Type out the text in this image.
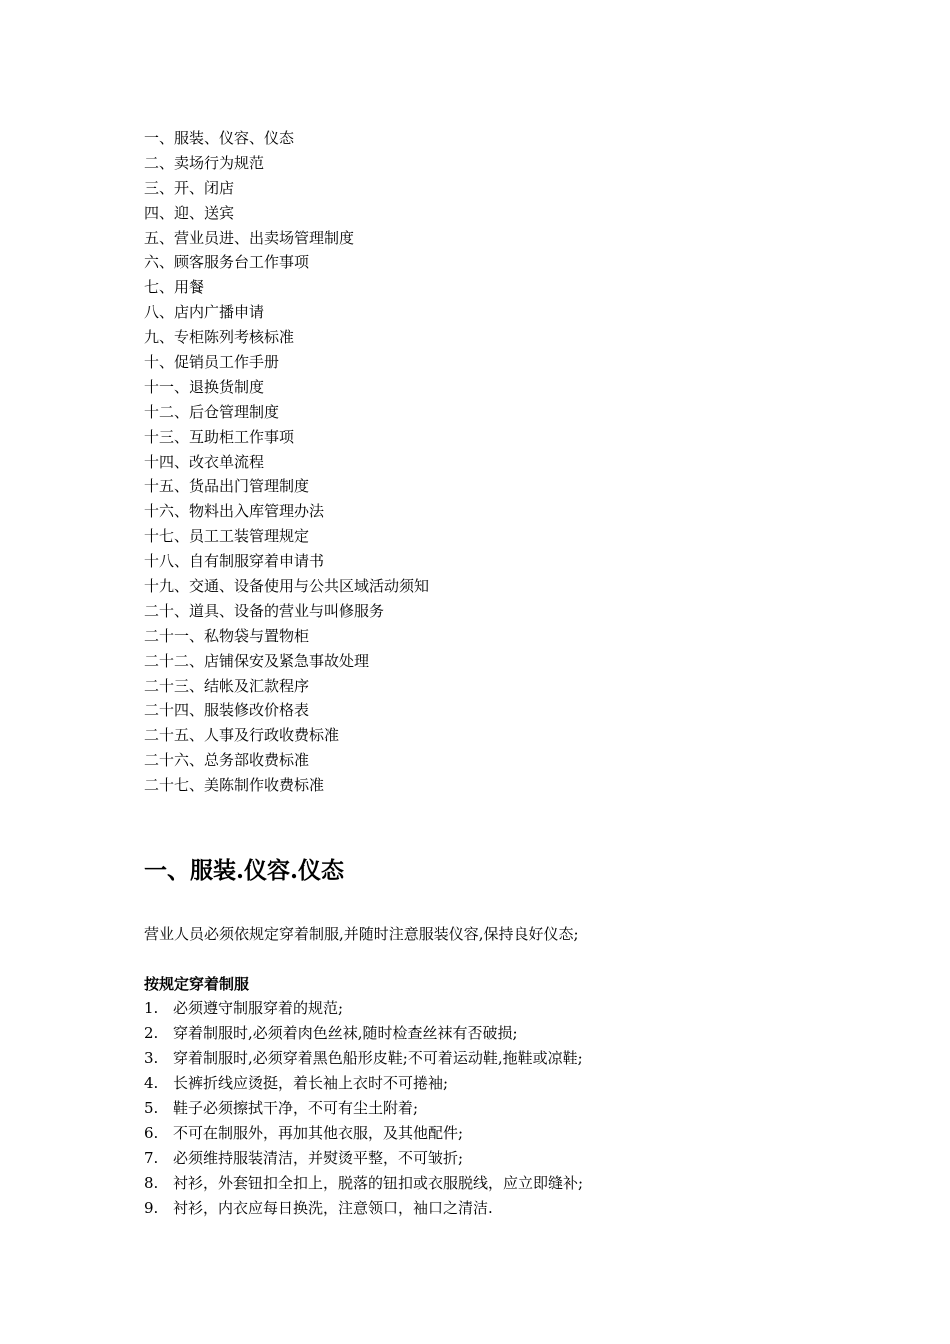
一、服装、仪容、仪态
二、卖场行为规范
三、开、闭店
四、迎、送宾
五、营业员进、出卖场管理制度
六、顾客服务台工作事项
七、用餐
八、店内广播申请
九、专柜陈列考核标准
十、促销员工作手册
十一、退换货制度
十二、后仓管理制度
十三、互助柜工作事项
十四、改衣单流程
十五、货品出门管理制度
十六、物料出入库管理办法
十七、员工工装管理规定
十八、自有制服穿着申请书
十九、交通、设备使用与公共区域活动须知
二十、道具、设备的营业与叫修服务
二十一、私物袋与置物柜
二十二、店铺保安及紧急事故处理
二十三、结帐及汇款程序
二十四、服装修改价格表
二十五、人事及行政收费标准
二十六、总务部收费标准
二十七、美陈制作收费标准
一、服装.仪容.仪态

营业人员必须依规定穿着制服,并随时注意服装仪容,保持良好仪态;

按规定穿着制服

1. 必须遵守制服穿着的规范;
2. 穿着制服时,必须着肉色丝袜,随时检查丝袜有否破损;
3. 穿着制服时,必须穿着黑色船形皮鞋;不可着运动鞋,拖鞋或凉鞋;
4. 长裤折线应烫挺，着长袖上衣时不可捲袖;
5. 鞋子必须擦拭干净，不可有尘土附着;
6. 不可在制服外，再加其他衣服，及其他配件;
7. 必须维持服装清洁，并熨烫平整，不可皱折;
8. 衬衫，外套钮扣全扣上，脱落的钮扣或衣服脱线，应立即缝补;
9. 衬衫，内衣应每日换洗，注意领口，袖口之清洁.
